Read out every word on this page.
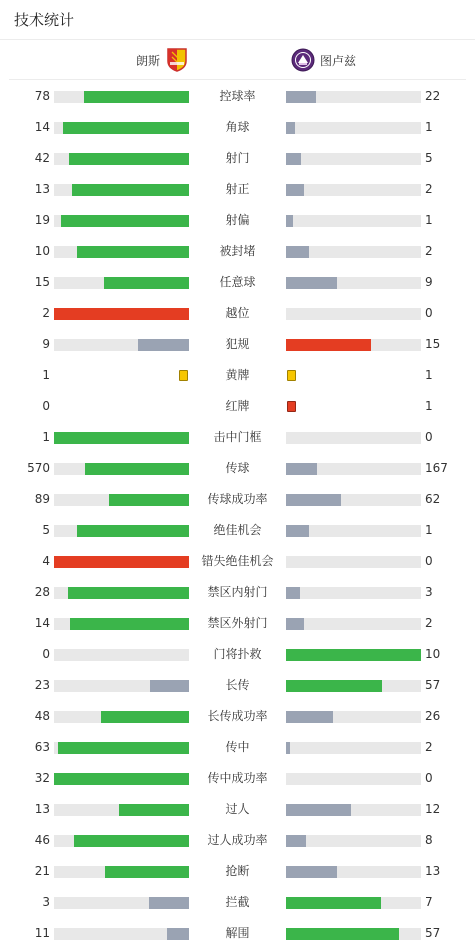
技术统计
朗斯	图卢兹
78	控球率	22
14	角球	1
42	射门	5
13	射正	2
19	射偏	1
10	被封堵	2
15	任意球	9
2	越位	0
9	犯规	15
1	黄牌	1
0	红牌	1
1	击中门框	0
570	传球	167
89	传球成功率	62
5	绝佳机会	1
4	错失绝佳机会	0
28	禁区内射门	3
14	禁区外射门	2
0	门将扑救	10
23	长传	57
48	长传成功率	26
63	传中	2
32	传中成功率	0
13	过人	12
46	过人成功率	8
21	抢断	13
3	拦截	7
11	解围	57
